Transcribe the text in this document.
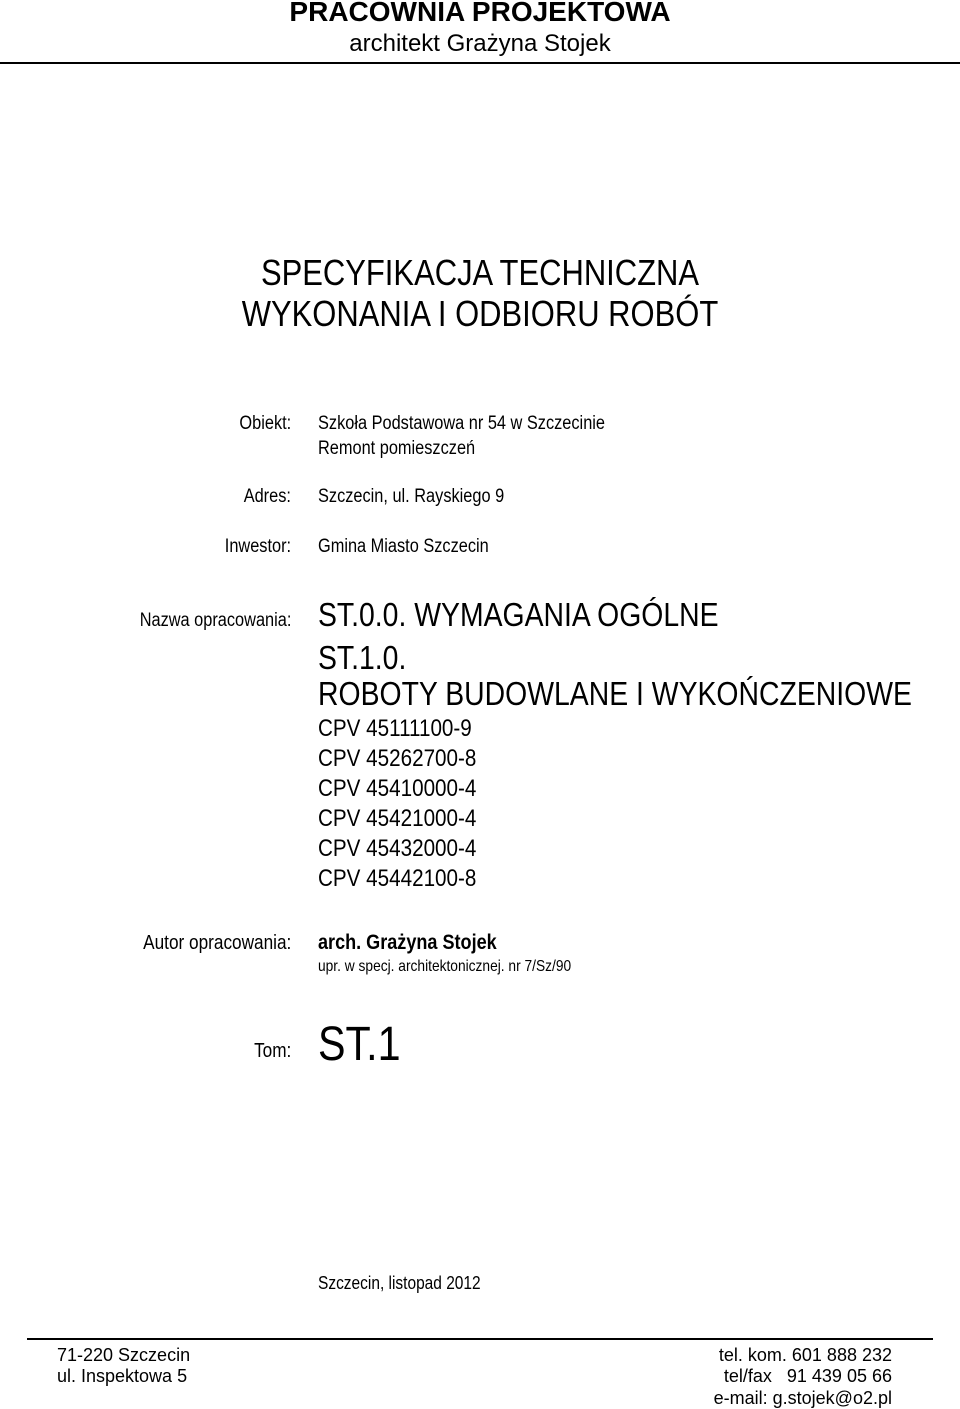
PRACOWNIA PROJEKTOWA
architekt Grażyna Stojek
SPECYFIKACJA TECHNICZNA
WYKONANIA I ODBIORU ROBÓT
Obiekt: Szkoła Podstawowa nr 54 w Szczecinie
Remont pomieszczeń
Adres: Szczecin, ul. Rayskiego 9
Inwestor: Gmina Miasto Szczecin
Nazwa opracowania: ST.0.0. WYMAGANIA OGÓLNE
ST.1.0.
ROBOTY BUDOWLANE I WYKOŃCZENIOWE
CPV 45111100-9
CPV 45262700-8
CPV 45410000-4
CPV 45421000-4
CPV 45432000-4
CPV 45442100-8
Autor opracowania: arch. Grażyna Stojek
upr. w specj. architektonicznej. nr 7/Sz/90
Tom: ST.1
Szczecin, listopad 2012
71-220 Szczecin
ul. Inspektowa 5
tel. kom. 601 888 232
tel/fax   91 439 05 66
e-mail: g.stojek@o2.pl
